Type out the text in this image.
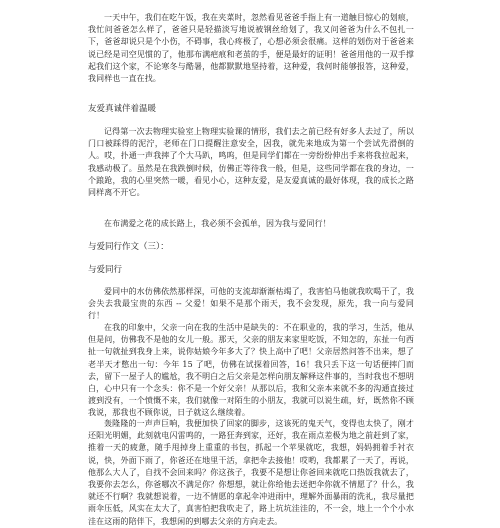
一天中午，我们在吃午饭，我在夹菜时，忽然看见爸爸手指上有一道触目惊心的划痕，我忙问爸爸怎么样了，爸爸只是轻描淡写地说被钢丝给划了，我又问爸爸为什么不包扎一下，爸爸却说只是个小伤，不碍事，我心疼极了，心想必须会很痛。这样的划伤对于爸爸来说已经是司空见惯的了，他那布满疤痕和老茧的手，便是最好的证明！爸爸用他的一双手撑起我们这个家，不论寒冬与酷暑，他都默默地坚持着，这种爱，我何时能够报答，这种爱，我同样也一直在找。

友爱真诚伴着温暖

记得第一次去物理实验室上物理实验课的情形，我们去之前已经有好多人去过了，所以门口被踩得的泥泞，老师在门口提醒注意安全，因我，就先来地成为第一个尝试先滑倒的人。哎，扑通一声我摔了个大马趴，鸣呜，但是同学们都在一旁纷纷伸出手来将我拉起来，我感动极了。虽然是在我跌倒时候，仿佛正等待我一般，但是，这些同学都在我的身边，一个踉跄，我的心里突然一暖，看见小心，这种友爱，是友爱真诚的最好体现，我的成长之路同样离不开它。

在布满爱之花的成长路上，我必须不会孤单，因为我与爱同行！

与爱同行作文（三）：

与爱同行

爱同中的水仿佛依然那样深，可他的支流却渐渐枯竭了，我害怕马他就我吹喝干了，我会失去我最宝贵的东西 -- 父爱！如果不是那个雨天，我不会发现，原先，我一向与爱同行！

在我的印象中，父亲一向在我的生活中是缺失的：不在职业的，我的学习，生活，他从但是问，仿佛我不是他的女儿一般。那天，父亲的朋友来家里吃饭，不知怎的，东扯一句西扯一句就扯到我身上来，说你姑娘今年多大了？快上高中了吧！父亲居然问答不出来，想了老半天才憋出一句：今年 15 了吧，仿佛在试探着回答，16！我只丢下这一句话便摔门而去，留下一屋子人的尴尬，我不明白之后父亲是怎样向朋友解释这件事的，当时我也不想明白，心中只有一个念头：你不是一个好父亲！从那以后，我和父亲本来就不多的沟通直接过渡到没有，一个愤慨不来，我们就像一对陌生的小朋友，我就可以说生疏，好，既然你不顾我说，那我也不顾你说，日子就这么继续着。

轰隆隆的一声声巨响，我便加快了回家的脚步，这该死的鬼天气，变得也太快了，刚才还阳光明媚，此刻就电闪雷鸣的，一路狂奔到家，还好，我在雨点差极为地之前赶到了家，推着一天的疲惫，随手甩掉身上重重的书包，抓起一个苹果就吃，我想，妈妈拥着手衬衣说，快，外面下雨了，你爸还在地里干活，拿把伞去接他！哎哟，我都累了一天了，再说，他那么大人了，自找不会回来吗？你这孩子，我要不是想让你爸回来就吃口热饭我就去了，我要你去怎么，你爸哪次不满足你？你想想，就让你给他去送把伞你就不情愿了？什么，我就还不行啊？我就想说着，一边不情愿的拿起伞冲进雨中，理解外面暴雨的洗礼，我尽量把雨伞压低，风实在太大了，真害怕把我吹走了，路上坑坑洼洼的，不一会，地上一个个小水洼在这雨的陪伴下，我想闲的到哪去父亲的方向走去。
